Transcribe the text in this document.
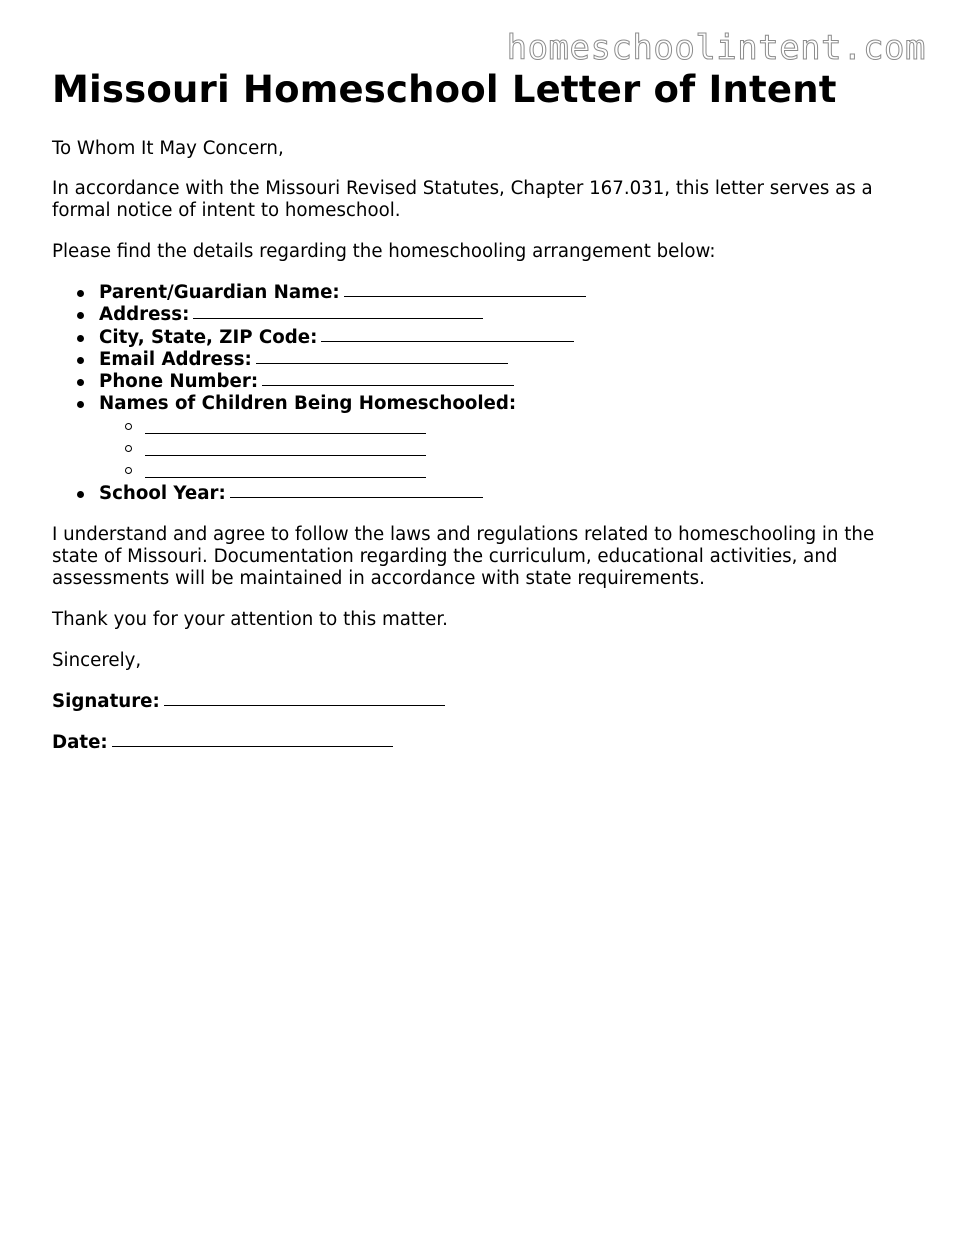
homeschoolintent.com
Missouri Homeschool Letter of Intent

To Whom It May Concern,

In accordance with the Missouri Revised Statutes, Chapter 167.031, this letter serves as a formal notice of intent to homeschool.

Please find the details regarding the homeschooling arrangement below:

Parent/Guardian Name:
Address:
City, State, ZIP Code:
Email Address:
Phone Number:
Names of Children Being Homeschooled:
School Year:

I understand and agree to follow the laws and regulations related to homeschooling in the state of Missouri. Documentation regarding the curriculum, educational activities, and assessments will be maintained in accordance with state requirements.

Thank you for your attention to this matter.

Sincerely,

Signature:
Date:
